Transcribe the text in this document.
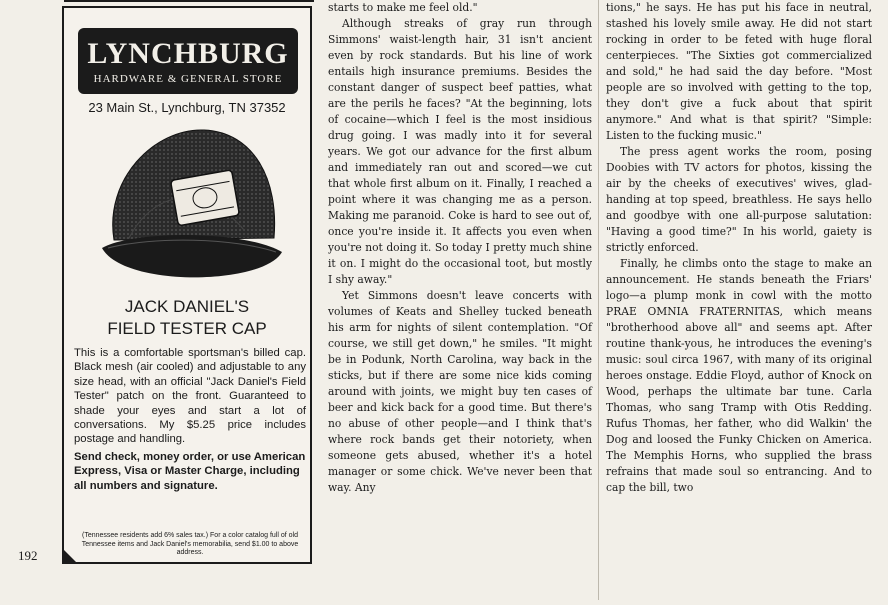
192
LYNCHBURG
HARDWARE & GENERAL STORE
23 Main St., Lynchburg, TN 37352
JACK DANIEL'S
FIELD TESTER CAP
This is a comfortable sportsman's billed cap. Black mesh (air cooled) and adjustable to any size head, with an official "Jack Daniel's Field Tester" patch on the front. Guaranteed to shade your eyes and start a lot of conversations. My $5.25 price includes postage and handling.
Send check, money order, or use American Express, Visa or Master Charge, including all numbers and signature.
(Tennessee residents add 6% sales tax.) For a color catalog full of old Tennessee items and Jack Daniel's memorabilia, send $1.00 to above address.

starts to make me feel old."

Although streaks of gray run through Simmons' waist-length hair, 31 isn't ancient even by rock standards. But his line of work entails high insurance premiums. Besides the constant danger of suspect beef patties, what are the perils he faces? "At the beginning, lots of cocaine—which I feel is the most insidious drug going. I was madly into it for several years. We got our advance for the first album and immediately ran out and scored—we cut that whole first album on it. Finally, I reached a point where it was changing me as a person. Making me paranoid. Coke is hard to see out of, once you're inside it. It affects you even when you're not doing it. So today I pretty much shine it on. I might do the occasional toot, but mostly I shy away."

Yet Simmons doesn't leave concerts with volumes of Keats and Shelley tucked beneath his arm for nights of silent contemplation. "Of course, we still get down," he smiles. "It might be in Podunk, North Carolina, way back in the sticks, but if there are some nice kids coming around with joints, we might buy ten cases of beer and kick back for a good time. But there's no abuse of other people—and I think that's where rock bands get their notoriety, when someone gets abused, whether it's a hotel manager or some chick. We've never been that way. Any

tions," he says. He has put his face in neutral, stashed his lovely smile away. He did not start rocking in order to be feted with huge floral centerpieces. "The Sixties got commercialized and sold," he had said the day before. "Most people are so involved with getting to the top, they don't give a fuck about that spirit anymore." And what is that spirit? "Simple: Listen to the fucking music."

The press agent works the room, posing Doobies with TV actors for photos, kissing the air by the cheeks of executives' wives, glad-handing at top speed, breathless. He says hello and goodbye with one all-purpose salutation: "Having a good time?" In his world, gaiety is strictly enforced.

Finally, he climbs onto the stage to make an announcement. He stands beneath the Friars' logo—a plump monk in cowl with the motto PRAE OMNIA FRATERNITAS, which means "brotherhood above all" and seems apt. After routine thank-yous, he introduces the evening's music: soul circa 1967, with many of its original heroes onstage. Eddie Floyd, author of Knock on Wood, perhaps the ultimate bar tune. Carla Thomas, who sang Tramp with Otis Redding. Rufus Thomas, her father, who did Walkin' the Dog and loosed the Funky Chicken on America. The Memphis Horns, who supplied the brass refrains that made soul so entrancing. And to cap the bill, two
